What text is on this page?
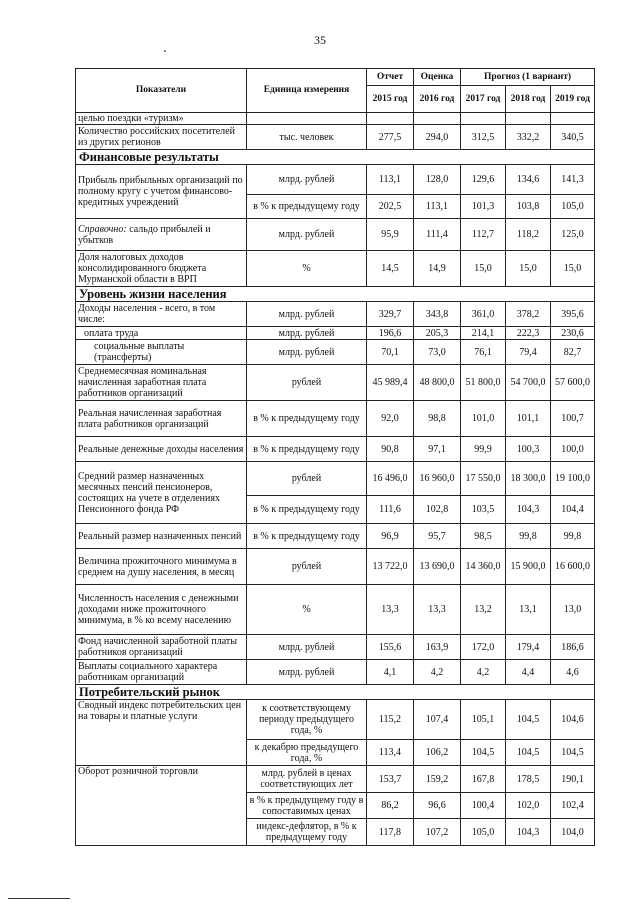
35
Показатели	Единица измерения	Отчет	Оценка	Прогноз (1 вариант)		
		2015 год	2016 год	2017 год	2018 год	2019 год
целью поездки «туризм»						
Количество российских посетителей из других регионов	тыс. человек	277,5	294,0	312,5	332,2	340,5
Финансовые результаты						
Прибыль прибыльных организаций по полному кругу с учетом финансово-кредитных учреждений	млрд. рублей	113,1	128,0	129,6	134,6	141,3
	в % к предыдущему году	202,5	113,1	101,3	103,8	105,0
Справочно: сальдо прибылей и убытков	млрд. рублей	95,9	111,4	112,7	118,2	125,0
Доля налоговых доходов консолидированного бюджета Мурманской области в ВРП	%	14,5	14,9	15,0	15,0	15,0
Уровень жизни населения						
Доходы населения - всего, в том числе:	млрд. рублей	329,7	343,8	361,0	378,2	395,6
оплата труда	млрд. рублей	196,6	205,3	214,1	222,3	230,6
социальные выплаты (трансферты)	млрд. рублей	70,1	73,0	76,1	79,4	82,7
Среднемесячная номинальная начисленная заработная плата работников организаций	рублей	45 989,4	48 800,0	51 800,0	54 700,0	57 600,0
Реальная начисленная заработная плата работников организаций	в % к предыдущему году	92,0	98,8	101,0	101,1	100,7
Реальные денежные доходы населения	в % к предыдущему году	90,8	97,1	99,9	100,3	100,0
Средний размер назначенных месячных пенсий пенсионеров, состоящих на учете в отделениях Пенсионного фонда РФ	рублей	16 496,0	16 960,0	17 550,0	18 300,0	19 100,0
	в % к предыдущему году	111,6	102,8	103,5	104,3	104,4
Реальный размер назначенных пенсий	в % к предыдущему году	96,9	95,7	98,5	99,8	99,8
Величина прожиточного минимума в среднем на душу населения, в месяц	рублей	13 722,0	13 690,0	14 360,0	15 900,0	16 600,0
Численность населения с денежными доходами ниже прожиточного минимума, в % ко всему населению	%	13,3	13,3	13,2	13,1	13,0
Фонд начисленной заработной платы работников организаций	млрд. рублей	155,6	163,9	172,0	179,4	186,6
Выплаты социального характера работникам организаций	млрд. рублей	4,1	4,2	4,2	4,4	4,6
Потребительский рынок						
Сводный индекс потребительских цен на товары и платные услуги	к соответствующему периоду предыдущего года, %	115,2	107,4	105,1	104,5	104,6
	к декабрю предыдущего года, %	113,4	106,2	104,5	104,5	104,5
Оборот розничной торговли	млрд. рублей в ценах соответствующих лет	153,7	159,2	167,8	178,5	190,1
	в % к предыдущему году в сопоставимых ценах	86,2	96,6	100,4	102,0	102,4
	индекс-дефлятор, в % к предыдущему году	117,8	107,2	105,0	104,3	104,0
